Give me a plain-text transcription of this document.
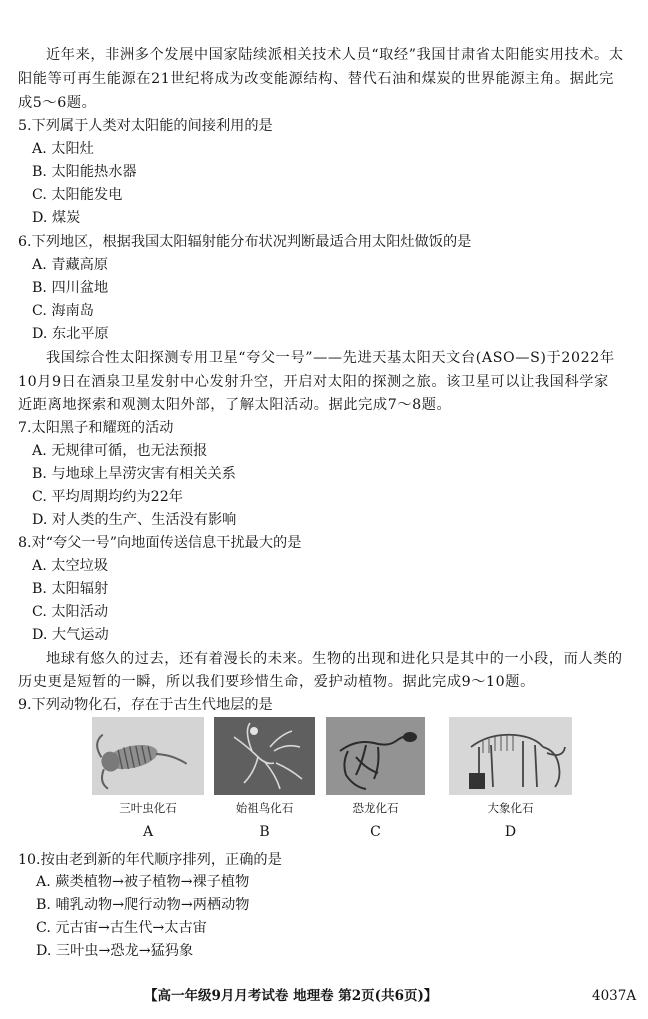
近年来，非洲多个发展中国家陆续派相关技术人员“取经”我国甘肃省太阳能实用技术。太
阳能等可再生能源在21世纪将成为改变能源结构、替代石油和煤炭的世界能源主角。据此完
成5～6题。
5.下列属于人类对太阳能的间接利用的是
A. 太阳灶
B. 太阳能热水器
C. 太阳能发电
D. 煤炭
6.下列地区，根据我国太阳辐射能分布状况判断最适合用太阳灶做饭的是
A. 青藏高原
B. 四川盆地
C. 海南岛
D. 东北平原
我国综合性太阳探测专用卫星“夸父一号”——先进天基太阳天文台(ASO—S)于2022年
10月9日在酒泉卫星发射中心发射升空，开启对太阳的探测之旅。该卫星可以让我国科学家
近距离地探索和观测太阳外部，了解太阳活动。据此完成7～8题。
7.太阳黑子和耀斑的活动
A. 无规律可循，也无法预报
B. 与地球上旱涝灾害有相关关系
C. 平均周期均约为22年
D. 对人类的生产、生活没有影响
8.对“夸父一号”向地面传送信息干扰最大的是
A. 太空垃圾
B. 太阳辐射
C. 太阳活动
D. 大气运动
地球有悠久的过去，还有着漫长的未来。生物的出现和进化只是其中的一小段，而人类的
历史更是短暂的一瞬，所以我们要珍惜生命，爱护动植物。据此完成9～10题。
9.下列动物化石，存在于古生代地层的是
三叶虫化石
A
始祖鸟化石
B
恐龙化石
C
大象化石
D
10.按由老到新的年代顺序排列，正确的是
A. 蕨类植物→被子植物→裸子植物
B. 哺乳动物→爬行动物→两栖动物
C. 元古宙→古生代→太古宙
D. 三叶虫→恐龙→猛犸象
【高一年级9月月考试卷 地理卷 第2页(共6页)】	4037A
